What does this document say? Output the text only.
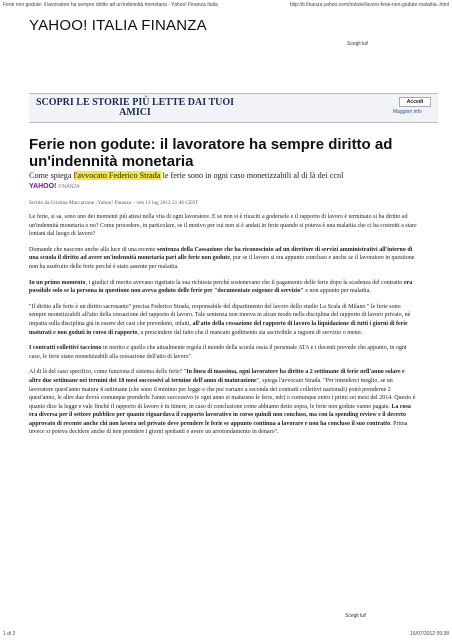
Ferie non godute: il lavoratore ha sempre diritto ad un'indennità monetaria - Yahoo! Finanza Italia	http://it.finanza.yahoo.com/notizie/lavoro-ferie-non-godute-malattia-.html
YAHOO! ITALIA FINANZA
Scegli lui!
SCOPRI LE STORIE PIÙ LETTE DAI TUOI AMICI
Accedi
Maggiori info
Ferie non godute: il lavoratore ha sempre diritto ad un'indennità monetaria
Come spiega l'avvocato Federico Strada le ferie sono in ogni caso monetizzabili al di là dei ccnl
YAHOO! FINANZA
Scritto da Cristina Maccarrone | Yahoo! Finanza – ven 13 lug 2012 21:46 CEST

Le ferie, si sa, sono uno dei momenti più attesi nella vita di ogni lavoratore. E se non si è riusciti a godersele e il rapporto di lavoro è terminato si ha diritto ad un'indennità monetaria o no? Come procedere, in particolare, se il motivo per cui non si è andati in ferie quando si poteva è una malattia che ci ha costretti a stare lontani dal luogo di lavoro?

Domande che nascono anche alla luce di una recente sentenza della Cassazione che ha riconosciuto ad un direttore di servizi amministrativi all'interno di una scuola il diritto ad avere un'indennità monetaria pari alle ferie non godute, pur se il lavoro si era appunto concluso e anche se il lavoratore in questione non ha usufruito delle ferie perché è stato assente per malattia.

In un primo momento, i giudici di merito avevano rigettato la sua richiesta perché sostenevano che il pagamento delle ferie dopo la scadenza del contratto era possibile solo se la persona in questione non aveva goduto delle ferie per "documentate esigenze di servizio" e non appunto per malattia.

"Il diritto alle ferie è un diritto sacrosanto" precisa Federico Strada, responsabile del dipartimento del lavoro dello studio La Scala di Milano " le ferie sono sempre monetizzabili all'atto della cessazione del rapporto di lavoro. Tale sentenza non innova in alcun modo nella disciplina del rapporto di lavoro privato, né impatta sulla disciplina già in essere dei casi che prevedono, infatti, all'atto della cessazione del rapporto di lavoro la liquidazione di tutti i giorni di ferie maturati e non goduti in corso di rapporto, a prescindere dal fatto che il mancato godimento sia ascrivibile a ragioni di servizio o meno.

I contratti collettivi tacciono in merito e quello che attualmente regola il mondo della scuola ossia il personale ATA e i docenti prevede che appunto, in ogni caso, le ferie siano monetizzabili alla cessazione dell'atto di lavoro".

Al di là del caso specifico, come funziona il sistema delle ferie? "In linea di massima, ogni lavoratore ha diritto a 2 settimane di ferie nell'anno solare e altre due settimane nei termini dei 18 mesi successivi al termine dell'anno di maturazione", spiega l'avvocato Strada. "Per intenderci meglio, se un lavoratore quest'anno matura 4 settimane (che sono il minimo per legge e che poi variano a seconda dei contratti collettivi nazionali) potrà prenderne 2 quest'anno, le altre due dovrà comunque prenderle l'anno successivo (e ogni anno si maturano le ferie, ndr) o comunque entro i primi sei mesi del 2014. Questo è quanto dice la legge e vale finché il rapporto di lavoro è in itinere, in caso di conclusione come abbiamo detto sopra, le ferie non godute vanno pagate. La cosa era diversa per il settore pubblico per quanto riguardava il rapporto lavorativo in corso quindi non concluso, ma con la spending review e il decreto approvato di recente anche chi non lavora nel privato deve prendere le ferie se appunto continua a lavorare e non ha concluso il suo contratto. Prima invece si poteva decidere anche di non prendere i giorni spettanti e avere un arrotondamento in denaro".

Scegli lui!
1 di 2	16/07/2012 09.38
